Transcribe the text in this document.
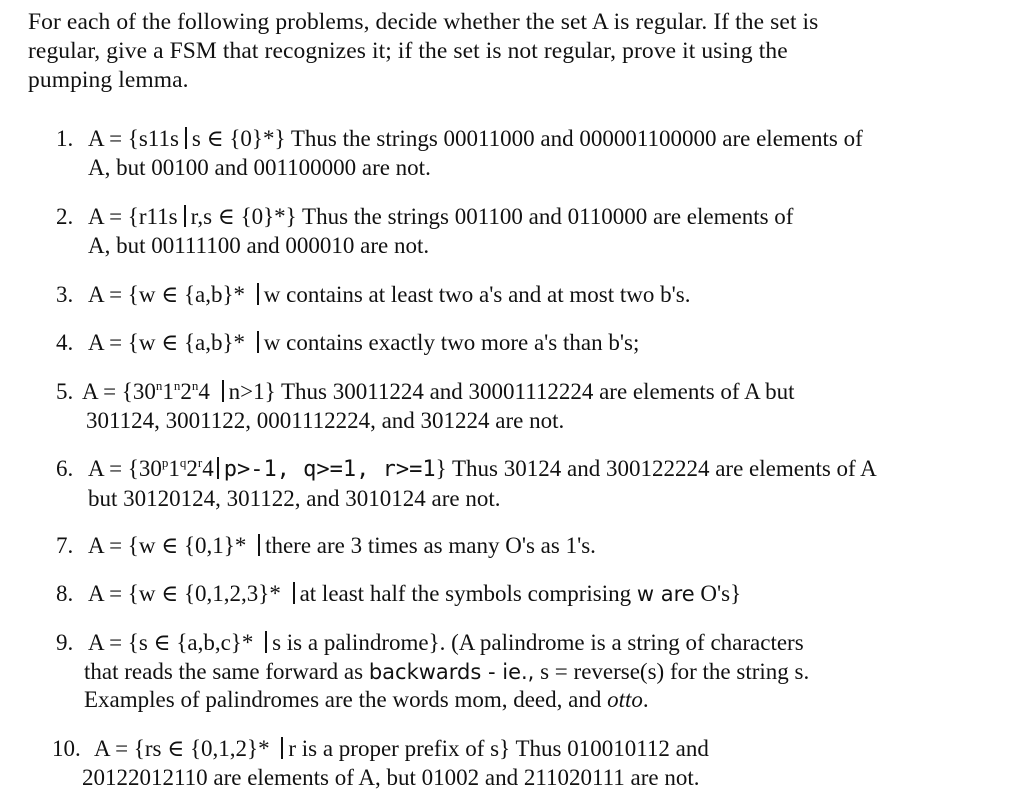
For each of the following problems, decide whether the set A is regular. If the set is
regular, give a FSM that recognizes it; if the set is not regular, prove it using the
pumping lemma.
1. A = {s11s s ∈ {0}*} Thus the strings 00011000 and 000001100000 are elements of
A, but 00100 and 001100000 are not.
2. A = {r11s r,s ∈ {0}*} Thus the strings 001100 and 0110000 are elements of
A, but 00111100 and 000010 are not.
3. A = {w ∈ {a,b}* w contains at least two a's and at most two b's.
4. A = {w ∈ {a,b}* w contains exactly two more a's than b's;
5. $A = \{30^n1^n2^n4$ n>1} Thus 30011224 and 30001112224 are elements of A but
301124, 3001122, 0001112224, and 301224 are not.
6. $A = \{30^p1^q2^r4$ p>-1, q>=1, r>=1} Thus 30124 and 300122224 are elements of A
but 30120124, 301122, and 3010124 are not.
7. A = {w ∈ {0,1}* there are 3 times as many O's as 1's.
8. A = {w ∈ {0,1,2,3}* at least half the symbols comprising w are O's}
9. A = {s ∈ {a,b,c}* s is a palindrome}. (A palindrome is a string of characters
that reads the same forward as backwards - ie., s = reverse(s) for the string s.
Examples of palindromes are the words mom, deed, and otto.
10. A = {rs ∈ {0,1,2}* r is a proper prefix of s} Thus 010010112 and
20122012110 are elements of A, but 01002 and 211020111 are not.
